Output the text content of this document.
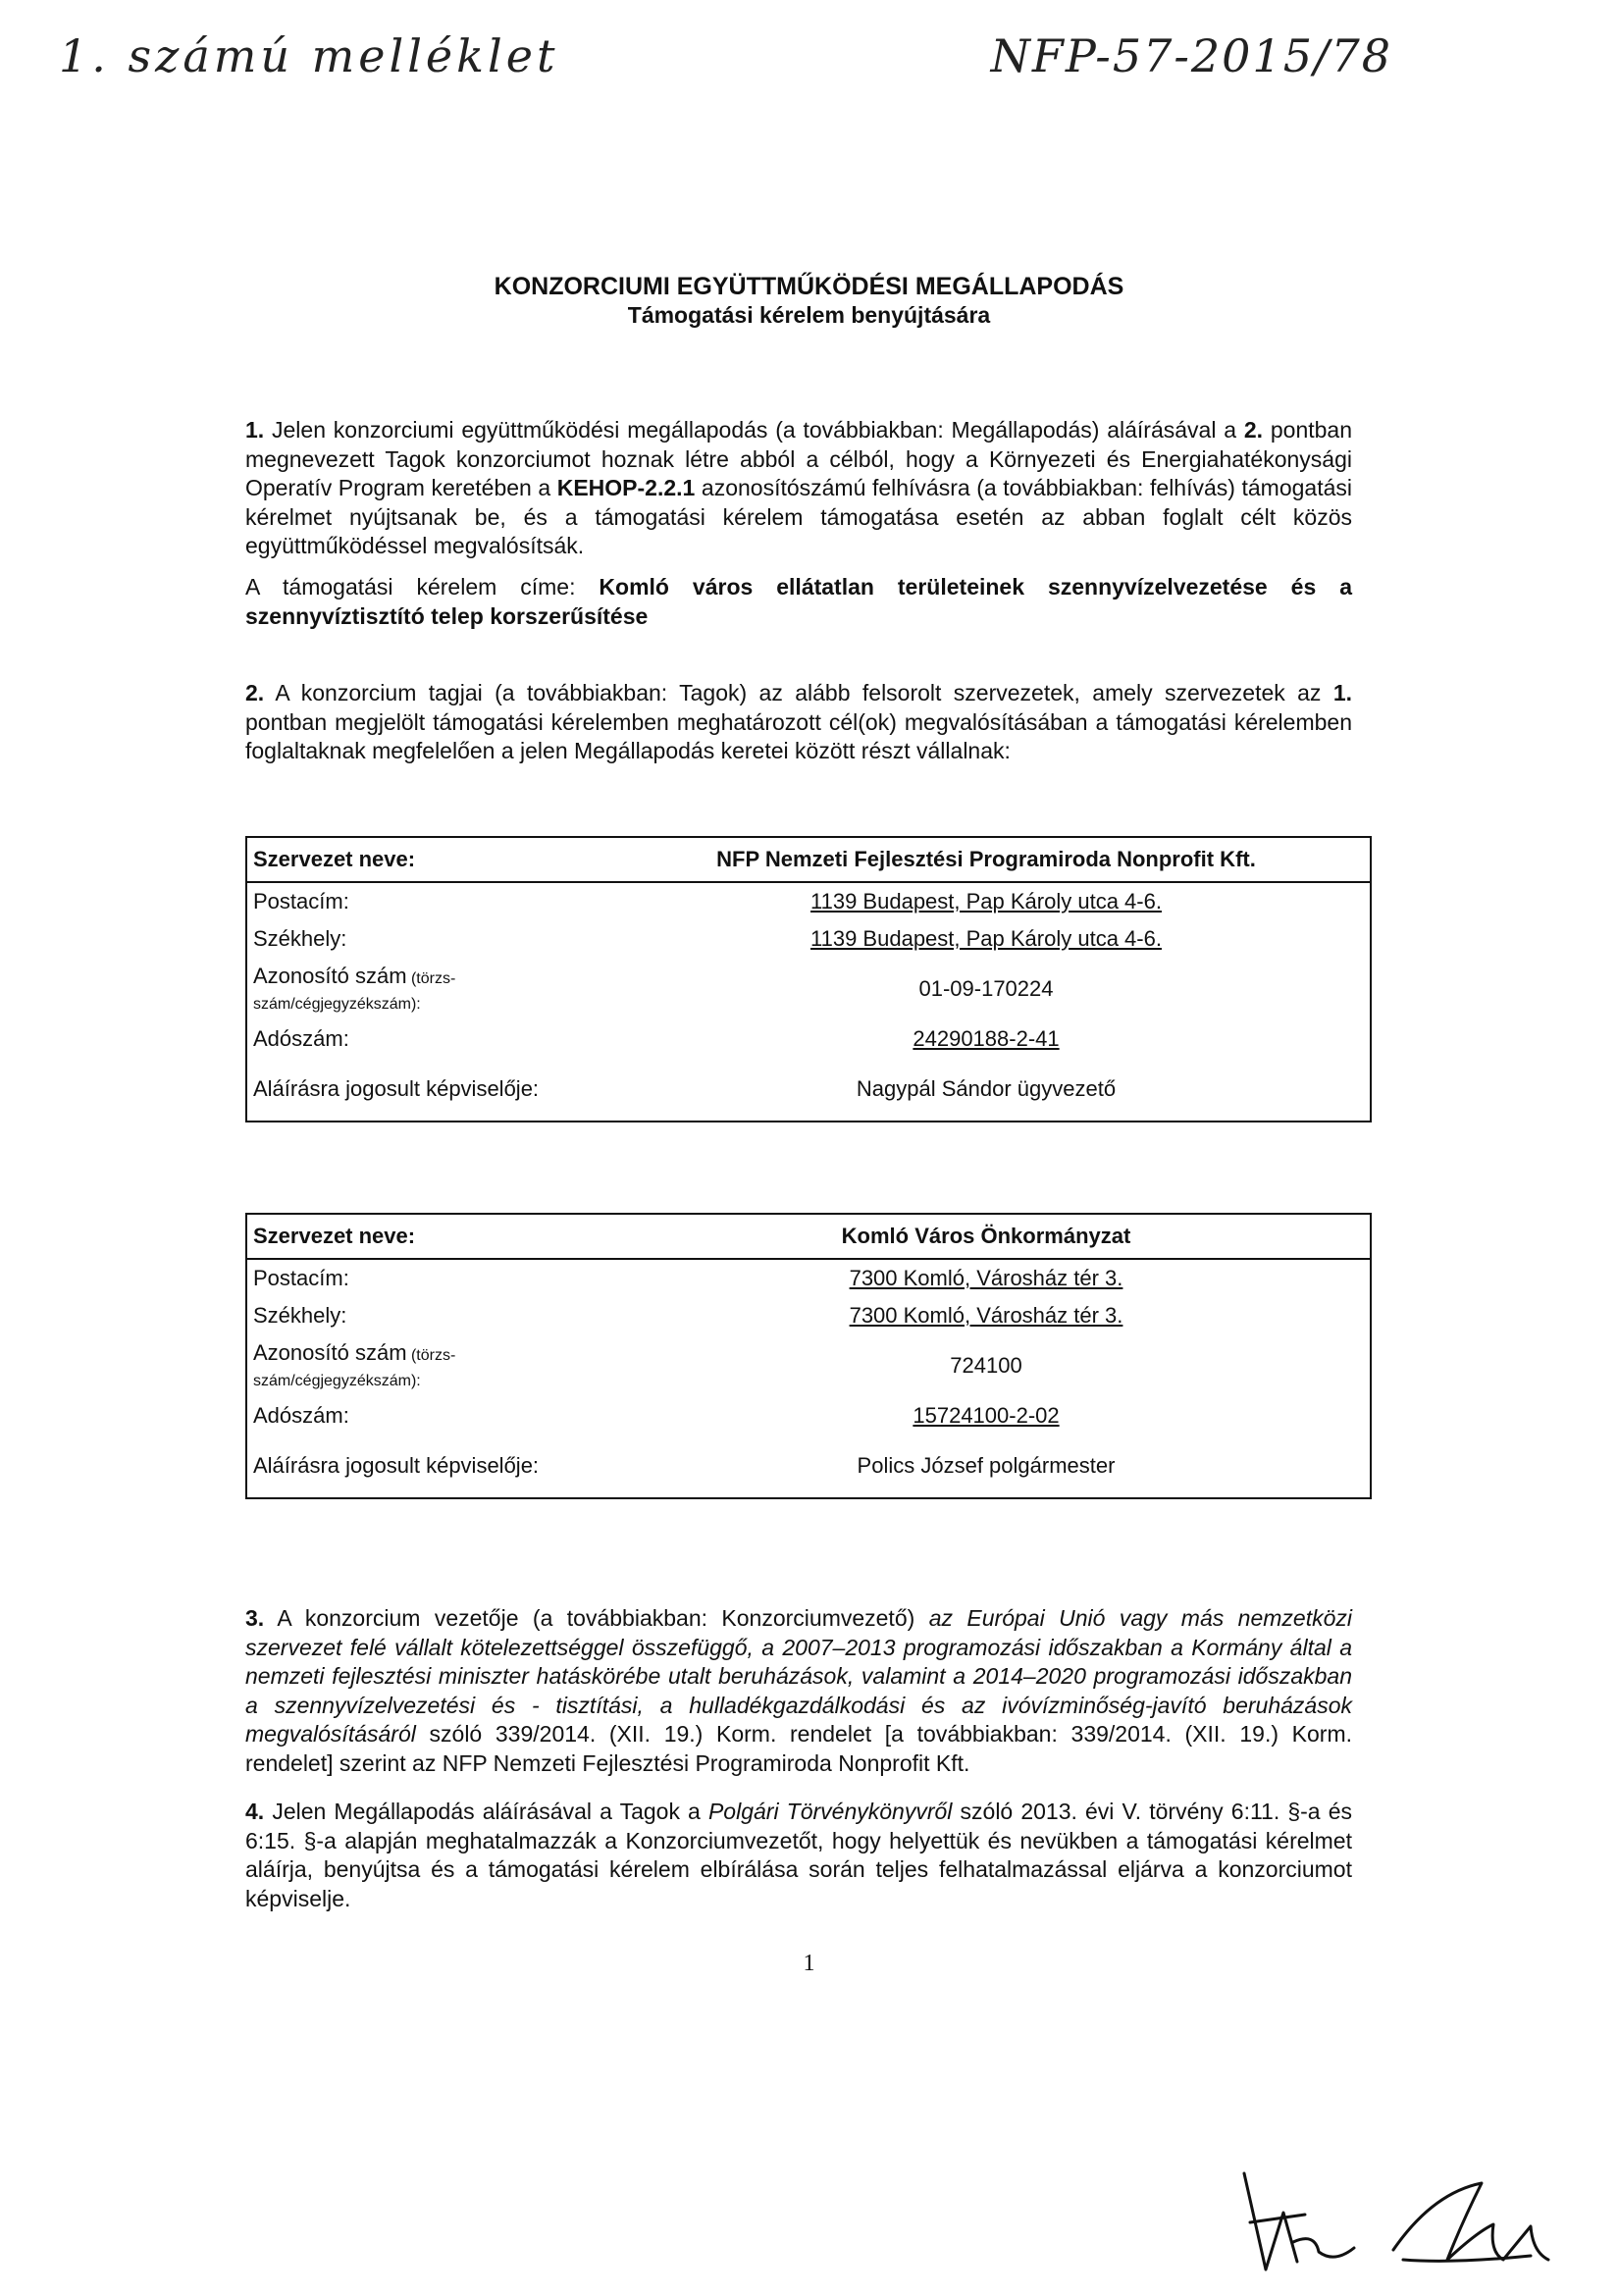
1. számú melléklet	NFP-57-2015/78
KONZORCIUMI EGYÜTTMŰKÖDÉSI MEGÁLLAPODÁS
Támogatási kérelem benyújtására
1. Jelen konzorciumi együttműködési megállapodás (a továbbiakban: Megállapodás) aláírásával a 2. pontban megnevezett Tagok konzorciumot hoznak létre abból a célból, hogy a Környezeti és Energiahatékonysági Operatív Program keretében a KEHOP-2.2.1 azonosítószámú felhívásra (a továbbiakban: felhívás) támogatási kérelmet nyújtsanak be, és a támogatási kérelem támogatása esetén az abban foglalt célt közös együttműködéssel megvalósítsák.
A támogatási kérelem címe: Komló város ellátatlan területeinek szennyvízelvezetése és a szennyvíztisztító telep korszerűsítése
2. A konzorcium tagjai (a továbbiakban: Tagok) az alább felsorolt szervezetek, amely szervezetek az 1. pontban megjelölt támogatási kérelemben meghatározott cél(ok) megvalósításában a támogatási kérelemben foglaltaknak megfelelően a jelen Megállapodás keretei között részt vállalnak:
Szervezet neve:	NFP Nemzeti Fejlesztési Programiroda Nonprofit Kft.
Postacím:	1139 Budapest, Pap Károly utca 4-6.
Székhely:	1139 Budapest, Pap Károly utca 4-6.
Azonosító szám (törzs-
szám/cégjegyzékszám):	01-09-170224
Adószám:	24290188-2-41
Aláírásra jogosult képviselője:	Nagypál Sándor ügyvezető
Szervezet neve:	Komló Város Önkormányzat
Postacím:	7300 Komló, Városház tér 3.
Székhely:	7300 Komló, Városház tér 3.
Azonosító szám (törzs-
szám/cégjegyzékszám):	724100
Adószám:	15724100-2-02
Aláírásra jogosult képviselője:	Polics József polgármester
3. A konzorcium vezetője (a továbbiakban: Konzorciumvezető) az Európai Unió vagy más nemzetközi szervezet felé vállalt kötelezettséggel összefüggő, a 2007–2013 programozási időszakban a Kormány által a nemzeti fejlesztési miniszter hatáskörébe utalt beruházások, valamint a 2014–2020 programozási időszakban a szennyvízelvezetési és - tisztítási, a hulladékgazdálkodási és az ivóvízminőség-javító beruházások megvalósításáról szóló 339/2014. (XII. 19.) Korm. rendelet [a továbbiakban: 339/2014. (XII. 19.) Korm. rendelet] szerint az NFP Nemzeti Fejlesztési Programiroda Nonprofit Kft.
4. Jelen Megállapodás aláírásával a Tagok a Polgári Törvénykönyvről szóló 2013. évi V. törvény 6:11. §-a és 6:15. §-a alapján meghatalmazzák a Konzorciumvezetőt, hogy helyettük és nevükben a támogatási kérelmet aláírja, benyújtsa és a támogatási kérelem elbírálása során teljes felhatalmazással eljárva a konzorciumot képviselje.
1
